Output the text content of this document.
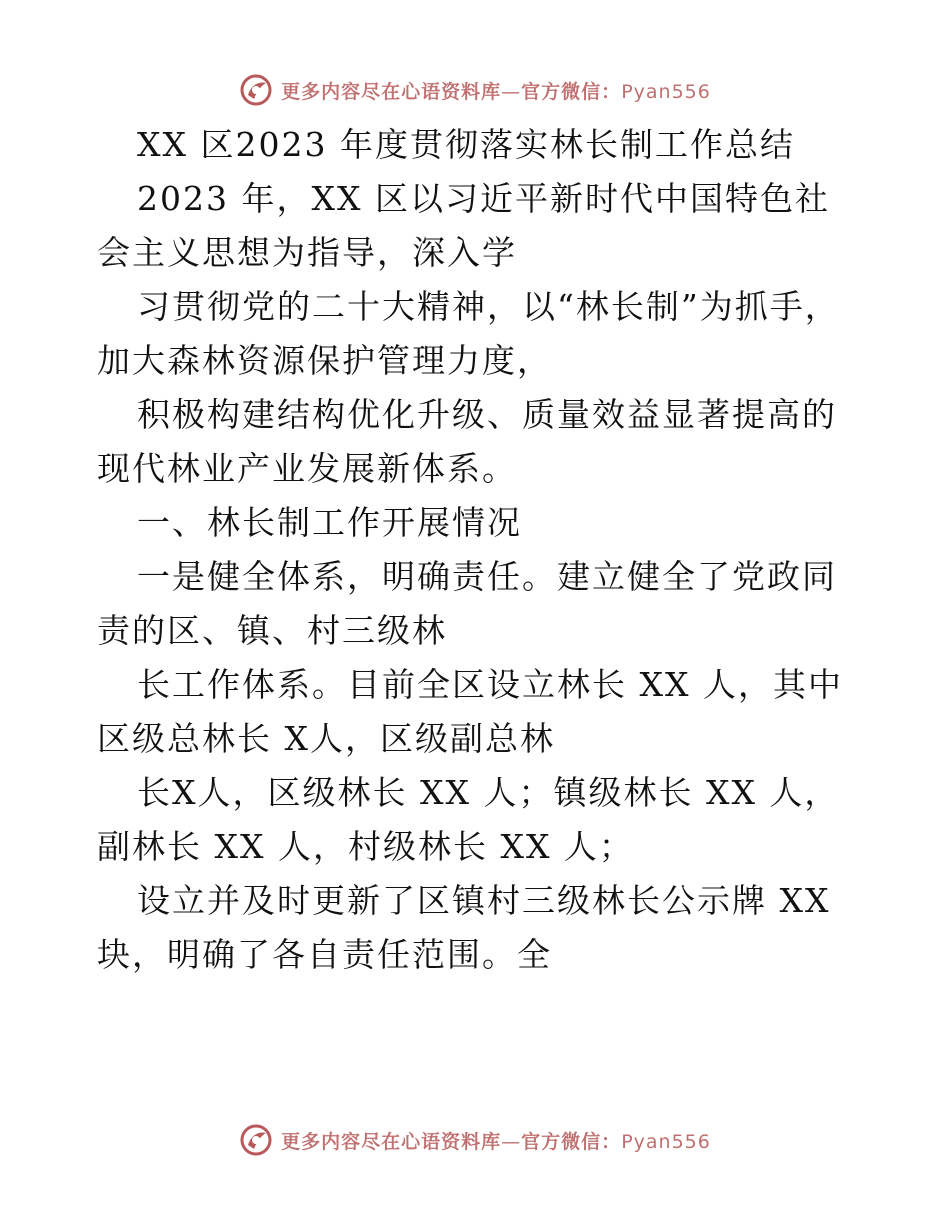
更多内容尽在心语资料库—官方微信：Pyan556

XX 区2023 年度贯彻落实林长制工作总结

2023 年，XX 区以习近平新时代中国特色社会主义思想为指导，深入学

习贯彻党的二十大精神，以“林长制”为抓手，加大森林资源保护管理力度，

积极构建结构优化升级、质量效益显著提高的现代林业产业发展新体系。

一、林长制工作开展情况

一是健全体系，明确责任。建立健全了党政同责的区、镇、村三级林

长工作体系。目前全区设立林长 XX 人，其中区级总林长 X人，区级副总林

长X人，区级林长 XX 人；镇级林长 XX 人，副林长 XX 人，村级林长 XX 人；

设立并及时更新了区镇村三级林长公示牌 XX 块，明确了各自责任范围。全

更多内容尽在心语资料库—官方微信：Pyan556
